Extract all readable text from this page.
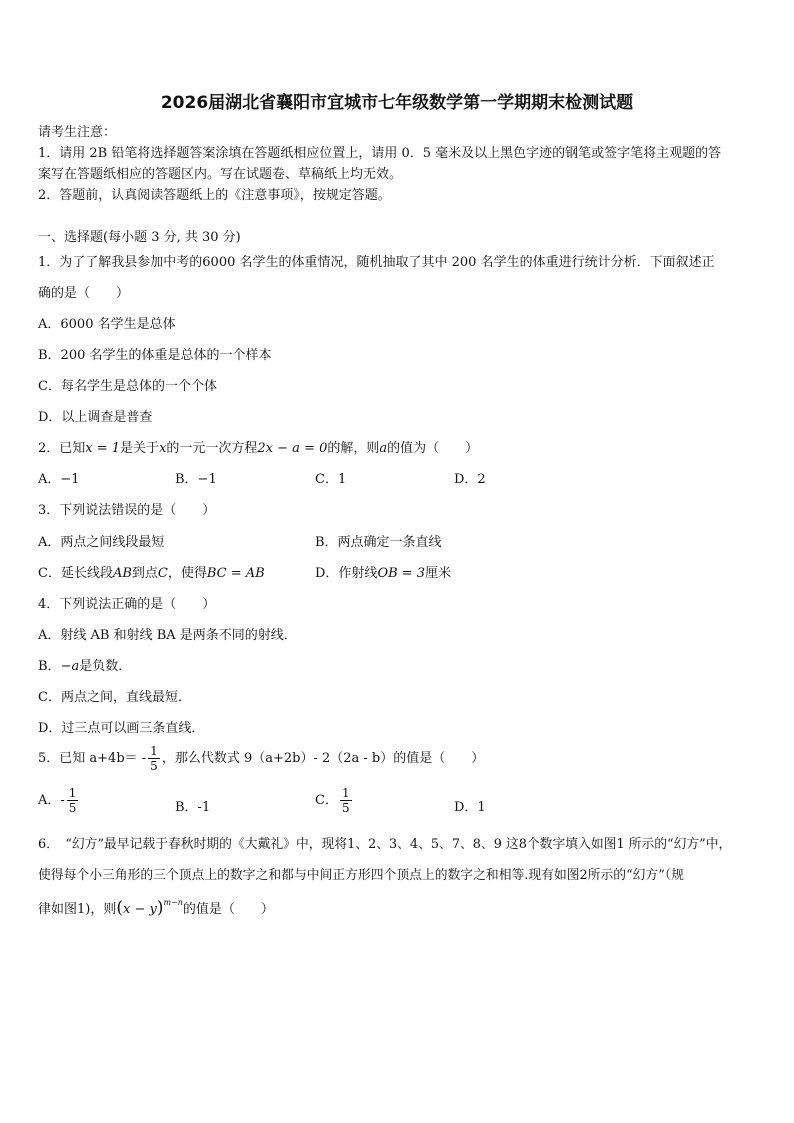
2026届湖北省襄阳市宜城市七年级数学第一学期期末检测试题
请考生注意：
1．请用 2B 铅笔将选择题答案涂填在答题纸相应位置上，请用 0．5 毫米及以上黑色字迹的钢笔或签字笔将主观题的答
案写在答题纸相应的答题区内。写在试题卷、草稿纸上均无效。
2．答题前，认真阅读答题纸上的《注意事项》，按规定答题。
一、选择题(每小题 3 分, 共 30 分)
1．为了了解我县参加中考的6000 名学生的体重情况，随机抽取了其中 200 名学生的体重进行统计分析．下面叙述正
确的是（　　）
A．6000 名学生是总体
B．200 名学生的体重是总体的一个样本
C．每名学生是总体的一个个体
D．以上调查是普查
2．已知x = 1是关于x的一元一次方程2x − a = 0的解，则a的值为（　　）
A．−1	B．−1	C．1	D．2
3．下列说法错误的是（　　）
A．两点之间线段最短	B．两点确定一条直线
C．延长线段AB到点C，使得BC = AB	D．作射线OB = 3厘米
4．下列说法正确的是（　　）
A．射线 AB 和射线 BA 是两条不同的射线．
B．−a是负数．
C．两点之间，直线最短．
D．过三点可以画三条直线．
5．已知 $a+4b= - \frac{1}{5}$ ，那么代数式 9（a+2b）- 2（2a - b）的值是（　　）
A．- $\frac{1}{5}$	B．-1	C． $\frac{1}{5}$	D．1
6．　“幻方”最早记载于春秋时期的《大戴礼》中，现将1、2、3、4、5、7、8、9 这8个数字填入如图1 所示的“幻方”中，
使得每个小三角形的三个顶点上的数字之和都与中间正方形四个顶点上的数字之和相等.现有如图2所示的“幻方”（规
律如图1)，则$(x - y)^{m-n}$的值是（　　）
